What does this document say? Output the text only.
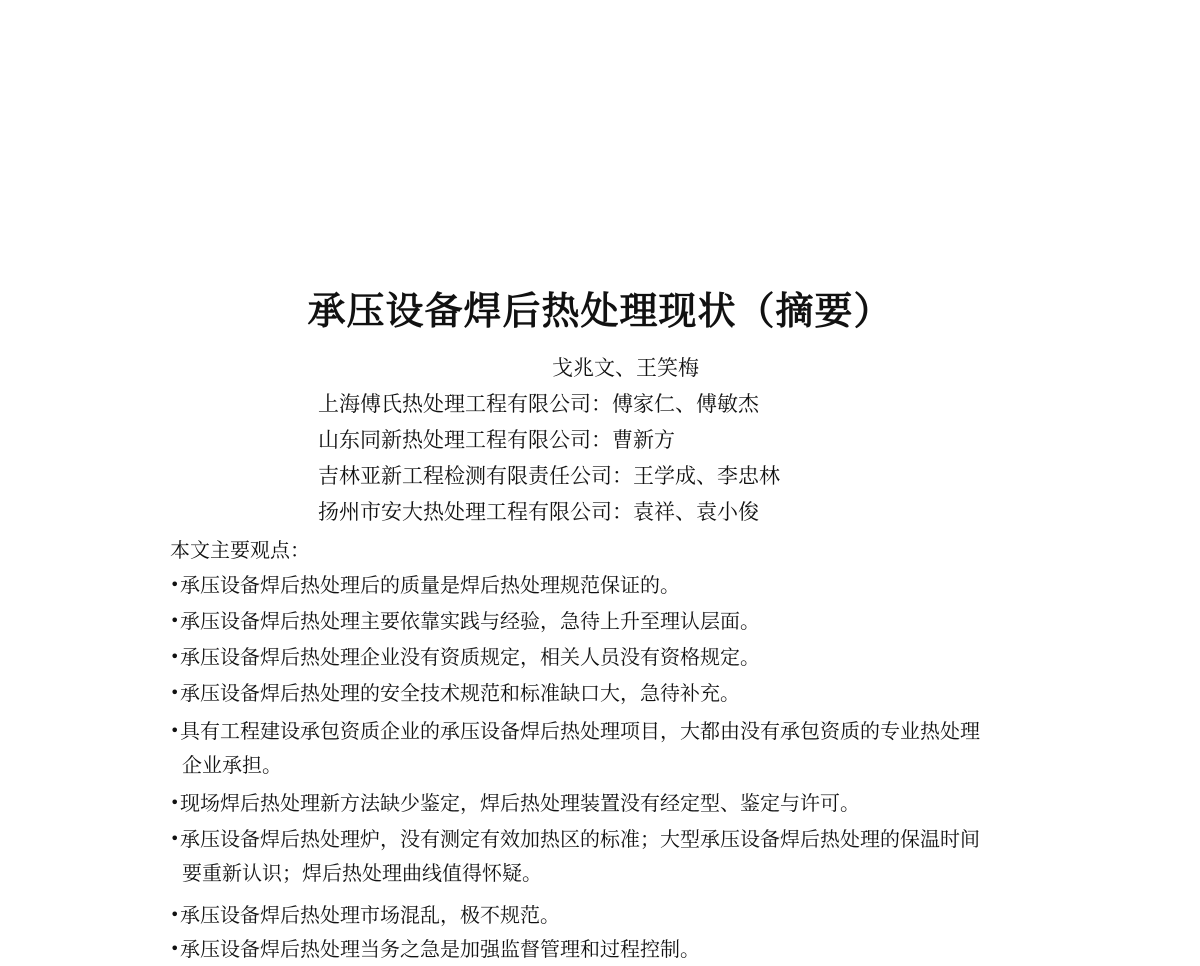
承压设备焊后热处理现状（摘要）
戈兆文、王笑梅
上海傅氏热处理工程有限公司：傅家仁、傅敏杰
山东同新热处理工程有限公司：曹新方
吉林亚新工程检测有限责任公司：王学成、李忠林
扬州市安大热处理工程有限公司：袁祥、袁小俊
本文主要观点：
•承压设备焊后热处理后的质量是焊后热处理规范保证的。
•承压设备焊后热处理主要依靠实践与经验，急待上升至理认层面。
•承压设备焊后热处理企业没有资质规定，相关人员没有资格规定。
•承压设备焊后热处理的安全技术规范和标准缺口大，急待补充。
•具有工程建设承包资质企业的承压设备焊后热处理项目，大都由没有承包资质的专业热处理
企业承担。
•现场焊后热处理新方法缺少鉴定，焊后热处理装置没有经定型、鉴定与许可。
•承压设备焊后热处理炉，没有测定有效加热区的标准；大型承压设备焊后热处理的保温时间
要重新认识；焊后热处理曲线值得怀疑。
•承压设备焊后热处理市场混乱，极不规范。
•承压设备焊后热处理当务之急是加强监督管理和过程控制。
